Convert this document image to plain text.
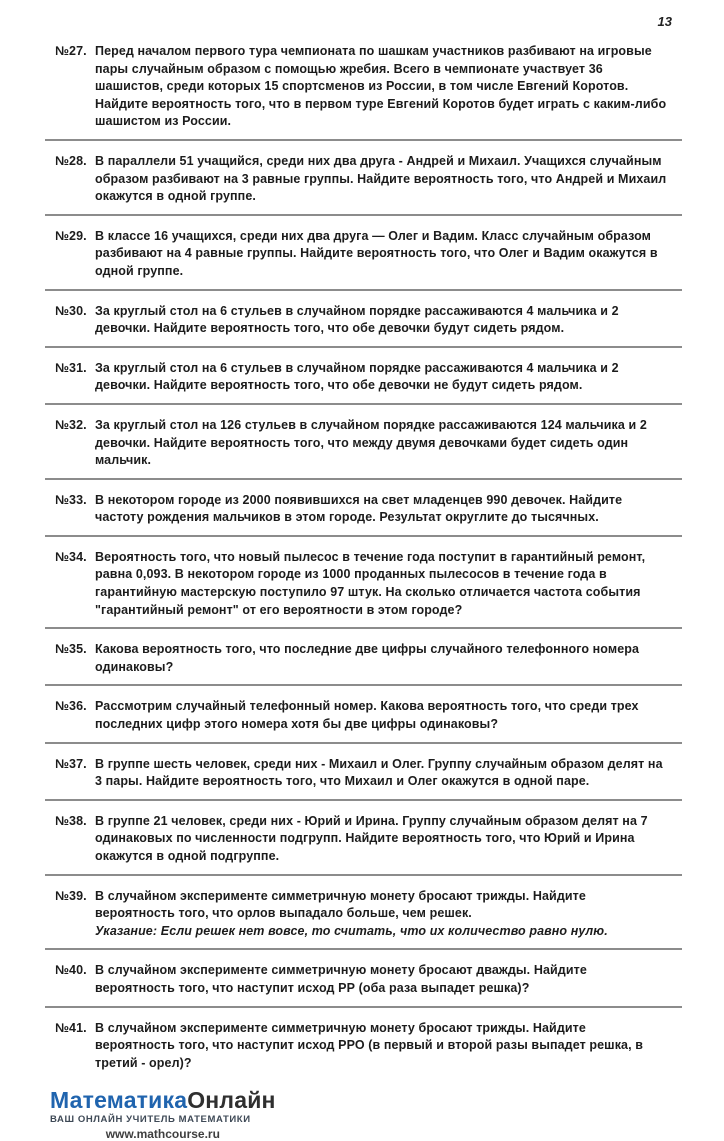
13
№27. Перед началом первого тура чемпионата по шашкам участников разбивают на игровые пары случайным образом с помощью жребия. Всего в чемпионате участвует 36 шашистов, среди которых 15 спортсменов из России, в том числе Евгений Коротов. Найдите вероятность того, что в первом туре Евгений Коротов будет играть с каким-либо шашистом из России.
№28. В параллели 51 учащийся, среди них два друга - Андрей и Михаил. Учащихся случайным образом разбивают на 3 равные группы. Найдите вероятность того, что Андрей и Михаил окажутся в одной группе.
№29. В классе 16 учащихся, среди них два друга — Олег и Вадим. Класс случайным образом разбивают на 4 равные группы. Найдите вероятность того, что Олег и Вадим окажутся в одной группе.
№30. За круглый стол на 6 стульев в случайном порядке рассаживаются 4 мальчика и 2 девочки. Найдите вероятность того, что обе девочки будут сидеть рядом.
№31. За круглый стол на 6 стульев в случайном порядке рассаживаются 4 мальчика и 2 девочки. Найдите вероятность того, что обе девочки не будут сидеть рядом.
№32. За круглый стол на 126 стульев в случайном порядке рассаживаются 124 мальчика и 2 девочки. Найдите вероятность того, что между двумя девочками будет сидеть один мальчик.
№33. В некотором городе из 2000 появившихся на свет младенцев 990 девочек. Найдите частоту рождения мальчиков в этом городе. Результат округлите до тысячных.
№34. Вероятность того, что новый пылесос в течение года поступит в гарантийный ремонт, равна 0,093. В некотором городе из 1000 проданных пылесосов в течение года в гарантийную мастерскую поступило 97 штук. На сколько отличается частота события "гарантийный ремонт" от его вероятности в этом городе?
№35. Какова вероятность того, что последние две цифры случайного телефонного номера одинаковы?
№36. Рассмотрим случайный телефонный номер. Какова вероятность того, что среди трех последних цифр этого номера хотя бы две цифры одинаковы?
№37. В группе шесть человек, среди них - Михаил и Олег. Группу случайным образом делят на 3 пары. Найдите вероятность того, что Михаил и Олег окажутся в одной паре.
№38. В группе 21 человек, среди них - Юрий и Ирина. Группу случайным образом делят на 7 одинаковых по численности подгрупп. Найдите вероятность того, что Юрий и Ирина окажутся в одной подгруппе.
№39. В случайном эксперименте симметричную монету бросают трижды. Найдите вероятность того, что орлов выпадало больше, чем решек.
Указание: Если решек нет вовсе, то считать, что их количество равно нулю.
№40. В случайном эксперименте симметричную монету бросают дважды. Найдите вероятность того, что наступит исход РР (оба раза выпадет решка)?
№41. В случайном эксперименте симметричную монету бросают трижды. Найдите вероятность того, что наступит исход РРО (в первый и второй разы выпадет решка, в третий - орел)?
МатематикаОнлайн
ВАШ ОНЛАЙН УЧИТЕЛЬ МАТЕМАТИКИ
www.mathcourse.ru
